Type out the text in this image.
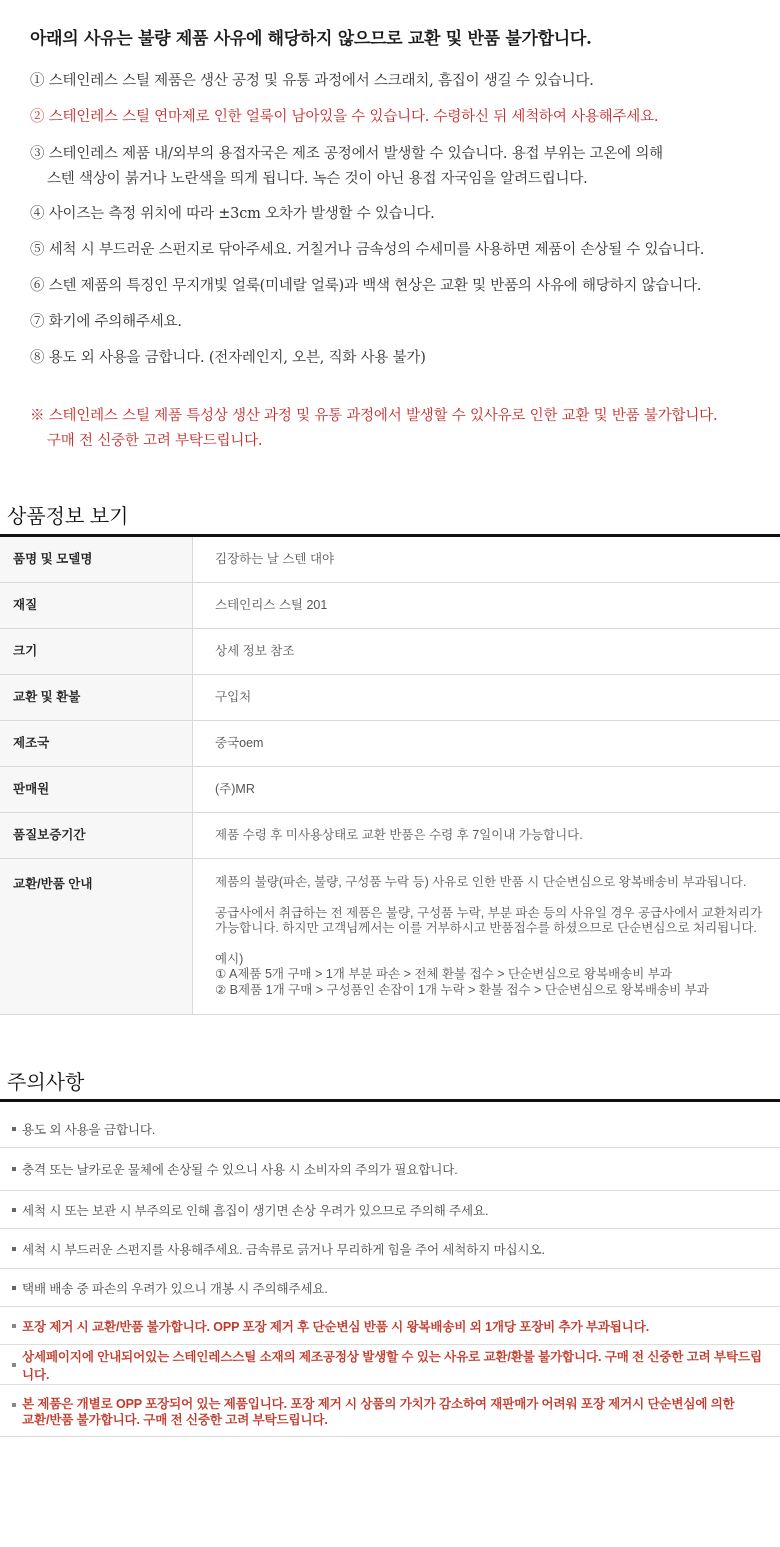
아래의 사유는 불량 제품 사유에 해당하지 않으므로 교환 및 반품 불가합니다.
① 스테인레스 스틸 제품은 생산 공정 및 유통 과정에서 스크래치, 흠집이 생길 수 있습니다.
② 스테인레스 스틸 연마제로 인한 얼룩이 남아있을 수 있습니다. 수령하신 뒤 세척하여 사용해주세요.
③ 스테인레스 제품 내/외부의 용접자국은 제조 공정에서 발생할 수 있습니다. 용접 부위는 고온에 의해
스텐 색상이 붉거나 노란색을 띄게 됩니다. 녹슨 것이 아닌 용접 자국임을 알려드립니다.
④ 사이즈는 측정 위치에 따라 ±3cm 오차가 발생할 수 있습니다.
⑤ 세척 시 부드러운 스펀지로 닦아주세요. 거칠거나 금속성의 수세미를 사용하면 제품이 손상될 수 있습니다.
⑥ 스텐 제품의 특징인 무지개빛 얼룩(미네랄 얼룩)과 백색 현상은 교환 및 반품의 사유에 해당하지 않습니다.
⑦ 화기에 주의해주세요.
⑧ 용도 외 사용을 금합니다. (전자레인지, 오븐, 직화 사용 불가)
※ 스테인레스 스틸 제품 특성상 생산 과정 및 유통 과정에서 발생할 수 있사유로 인한 교환 및 반품 불가합니다.
구매 전 신중한 고려 부탁드립니다.
상품정보 보기
품명 및 모델명	김장하는 날 스텐 대야
재질	스테인리스 스틸 201
크기	상세 정보 참조
교환 및 환불	구입처
제조국	중국oem
판매원	(주)MR
품질보증기간	제품 수령 후 미사용상태로 교환 반품은 수령 후 7일이내 가능합니다.
교환/반품 안내	제품의 불량(파손, 불량, 구성품 누락 등) 사유로 인한 반품 시 단순변심으로 왕복배송비 부과됩니다.

공급사에서 취급하는 전 제품은 불량, 구성품 누락, 부분 파손 등의 사유일 경우 공급사에서 교환처리가
가능합니다. 하지만 고객님께서는 이를 거부하시고 반품접수를 하셨으므로 단순변심으로 처리됩니다.

예시)
① A제품 5개 구매 > 1개 부분 파손 > 전체 환불 접수 > 단순변심으로 왕복배송비 부과
② B제품 1개 구매 > 구성품인 손잡이 1개 누락 > 환불 접수 > 단순변심으로 왕복배송비 부과

주의사항
용도 외 사용을 금합니다.
충격 또는 날카로운 물체에 손상될 수 있으니 사용 시 소비자의 주의가 필요합니다.
세척 시 또는 보관 시 부주의로 인해 흠집이 생기면 손상 우려가 있으므로 주의해 주세요.
세척 시 부드러운 스펀지를 사용해주세요. 금속류로 긁거나 무리하게 힘을 주어 세척하지 마십시오.
택배 배송 중 파손의 우려가 있으니 개봉 시 주의해주세요.
포장 제거 시 교환/반품 불가합니다. OPP 포장 제거 후 단순변심 반품 시 왕복배송비 외 1개당 포장비 추가 부과됩니다.
상세페이지에 안내되어있는 스테인레스스틸 소재의 제조공정상 발생할 수 있는 사유로 교환/환불 불가합니다. 구매 전 신중한 고려 부탁드립니다.
본 제품은 개별로 OPP 포장되어 있는 제품입니다. 포장 제거 시 상품의 가치가 감소하여 재판매가 어려워 포장 제거시 단순변심에 의한
교환/반품 불가합니다. 구매 전 신중한 고려 부탁드립니다.
